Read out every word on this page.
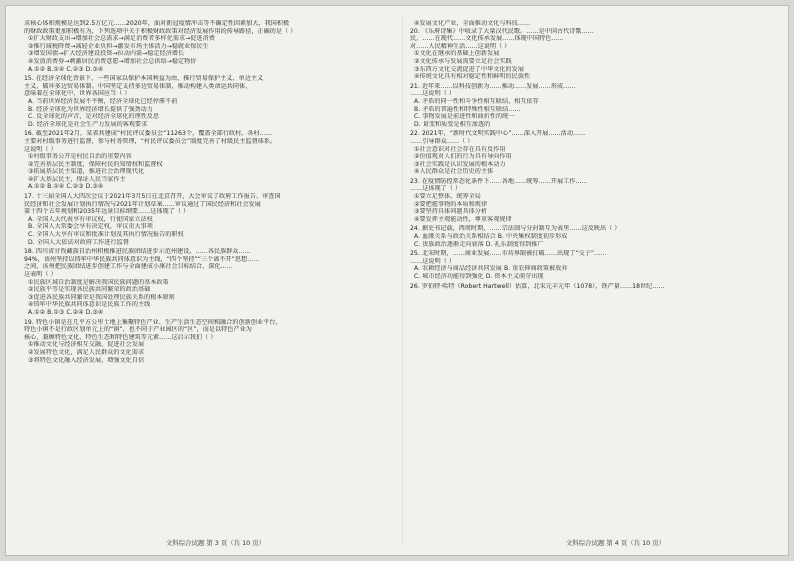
求核心体积规模是达到2.5万亿元……2020年，面对新冠疫情冲击等不确定性因素加大，我国积极
的财政政策更加积极有为，下列选项中关于积极财政政策对经济发展作用的传导路径，正确的是（ ）
①扩大财政支出→增加社会总需求→满足消费者多样化需求→促进消费
②推行减税降费→减轻企业负担→激发市场主体活力→稳就业保民生
③增发国债→扩大经济建设投资→拉动内需→稳定经济增长
④发放消费券→刺激居民消费意愿→增加社会总供给→稳定物价
A.①② B.①④ C.②③ D.③④
15. 在经济全球化背景下，一些国家以保护本国利益为由，推行贸易保护主义、单边主义
主义，破坏多边贸易体制。中国坚定支持多边贸易体制，推动构建人类命运共同体，
意味着在全球化中，世界各国应当（ ）
A. 当前世界经济发展不平衡，经济全球化已经停滞不前
B. 经济全球化为世界经济增长提供了强劲动力
C. 反全球化的声音，是对经济全球化的理性反思
D. 经济全球化是社会生产力发展的客观要求
16. 截至2021年2月，某省共建成“村民评议委员会”11263个，覆盖全部行政村。各村……
主要对村级事务进行监督，参与村务管理，“村民评议委员会”制度完善了村级民主监督体系。
这说明（ ）
①村级事务公开是村民自治的重要内容
②完善基层民主制度，保障村民的知情权和监督权
③拓展基层民主渠道，推进社会治理现代化
④扩大基层民主，保证人民当家作主
A.①② B.①④ C.②③ D.③④
17. 十三届全国人大四次会议于2021年3月5日在北京召开，大会审议了政府工作报告、审查国
民经济和社会发展计划执行情况与2021年计划草案……审议通过了国民经济和社会发展
第十四个五年规划和2035年远景目标纲要……这体现了（ ）
A. 全国人大代表享有审议权，行使国家立法权
B. 全国人大常委会享有决定权，审议重大事项
C. 全国人大享有审议和批准计划及其执行情况报告的职权
D. 全国人大依法对政府工作进行监督
18. 四川省甘孜藏族自治州积极推进民族团结进步示范州建设，……各民族群众……
94%，该州坚持以铸牢中华民族共同体意识为主线，“四个坚持”“三个离不开”思想……
之间，该州把民族团结进步创建工作与全面建成小康社会目标结合，深化……
这表明（ ）
①民族区域自治制度是解决我国民族问题的基本政策
②民族平等是实现各民族共同繁荣的政治基础
③促进各民族共同繁荣是我国处理民族关系的根本原则
④铸牢中华民族共同体意识是民族工作的主线
A.①② B.①③ C.②④ D.③④
19. 特色小镇是在几平方公里土地上集聚特色产业、生产生活生态空间相融合的创新创业平台，
特色小镇不是行政区划单元上的“镇”，也不同于产业园区的“区”，而是以特色产业为
核心，兼顾特色文化、特色生态和特色建筑等元素……这启示我们（ ）
①推动文化与经济相互交融，促进社会发展
②发展特色文化，满足人民群众的文化需求
③将特色文化融入经济发展，增强文化自信
④发展文化产业，全面推动文化与科技……
20. 《乐府诗集》中收录了大量汉代民歌。……是中国古代诗歌……
民，……在现代……文化传承发展……体现中国特色……
对……人民精神生活……这说明（ ）
①文化在继承的基础上创新发展
②文化传承与发展需要立足社会实践
③东西方文化交流促进了中华文化的发展
④传统文化具有相对稳定性和鲜明的民族性
21. 近年来……以科技创新为……推动……发展……形成……
……这说明（ ）
A. 矛盾的同一性和斗争性相互联结、相互依存
B. 矛盾的普遍性和特殊性相互联结……
C. 事物发展是前进性和曲折性的统一
D. 量变和质变是相互渗透的
22. 2021年，“新时代文明实践中心”……深入开展……活动……
……引导群众……（ ）
①社会意识对社会存在具有反作用
②价值观对人们的行为具有导向作用
③社会实践是认识发展的根本动力
④人民群众是社会历史的主体
23. 在疫情防控常态化条件下……各地……统筹……开展工作……
……这体现了（ ）
①要立足整体，统筹全局
②要把握事物的本质和规律
③要坚持具体问题具体分析
④要发挥主观能动性，尊重客观规律
24. 据史书记载，西周时期，……宗法制与分封制互为表里……这反映出（ ）
A. 血缘关系与政治关系相结合 B. 中央集权制度初步形成
C. 贵族政治逐渐走向衰落 D. 礼乐制度得到推广
25. 北宋时期，……商业发展……市坊界限被打破……出现了“交子”……
……这说明（ ）
A. 农耕经济与商品经济共同发展 B. 重农抑商政策被放弃
C. 城市经济功能得到强化 D. 资本主义萌芽出现
26. 罗伯特·哈特（Robert Hartwell）估算，北宋元丰元年（1078），铁产量……18世纪……
文科综合试题 第 3 页（共 10 页）	文科综合试题 第 4 页（共 10 页）
